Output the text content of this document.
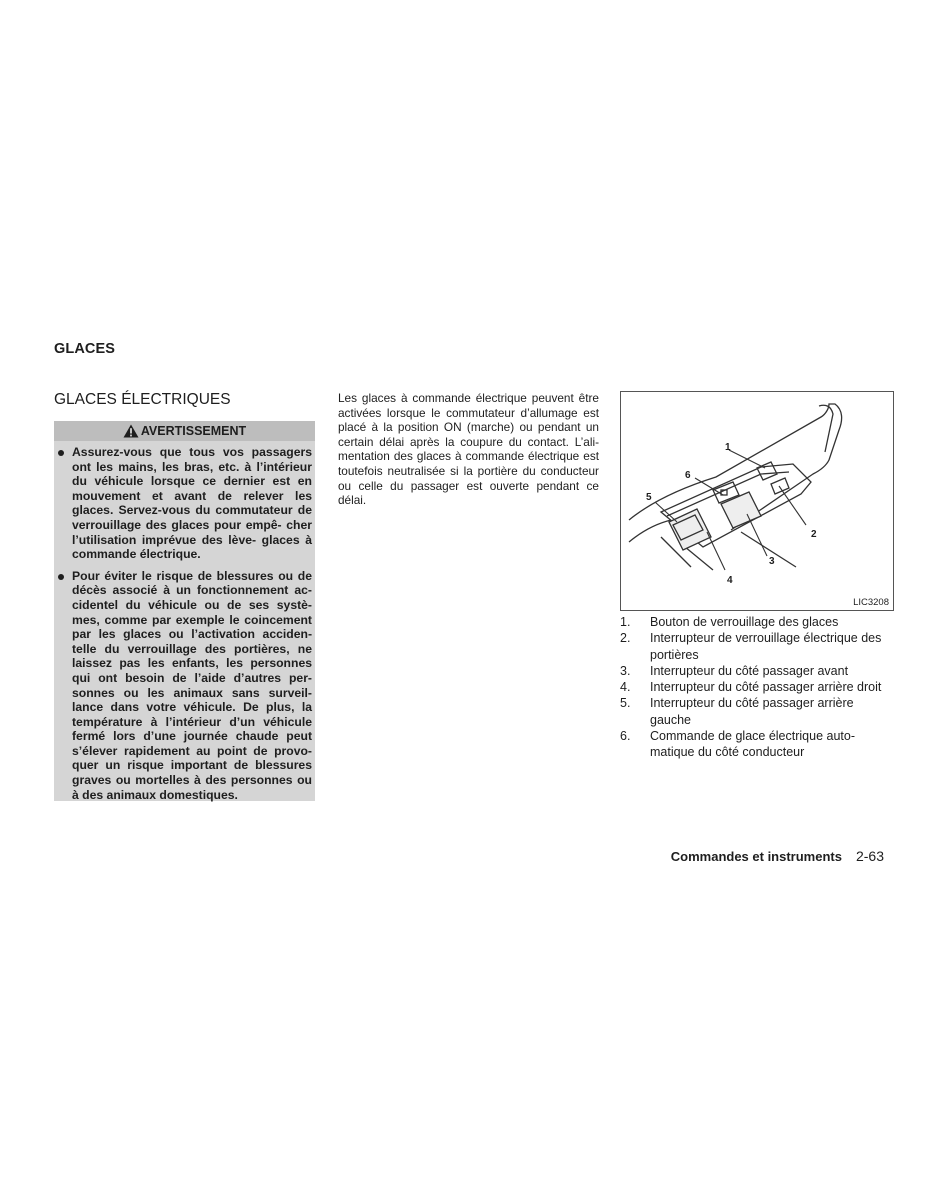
GLACES
GLACES ÉLECTRIQUES
AVERTISSEMENT
Assurez-vous que tous vos passagers ont les mains, les bras, etc. à l’intérieur du véhicule lorsque ce dernier est en mouvement et avant de relever les glaces. Servez-vous du commutateur de verrouillage des glaces pour empê- cher l’utilisation imprévue des lève- glaces à commande électrique.
Pour éviter le risque de blessures ou de décès associé à un fonctionnement ac- cidentel du véhicule ou de ses systè- mes, comme par exemple le coincement par les glaces ou l’activation acciden- telle du verrouillage des portières, ne laissez pas les enfants, les personnes qui ont besoin de l’aide d’autres per- sonnes ou les animaux sans surveil- lance dans votre véhicule. De plus, la température à l’intérieur d’un véhicule fermé lors d’une journée chaude peut s’élever rapidement au point de provo- quer un risque important de blessures graves ou mortelles à des personnes ou à des animaux domestiques.
Les glaces à commande électrique peuvent être activées lorsque le commutateur d’allumage est placé à la position ON (marche) ou pendant un certain délai après la coupure du contact. L’ali- mentation des glaces à commande électrique est toutefois neutralisée si la portière du conducteur ou celle du passager est ouverte pendant ce délai.
1
2
3
4
5
6
LIC3208
1. Bouton de verrouillage des glaces
2. Interrupteur de verrouillage électrique des portières
3. Interrupteur du côté passager avant
4. Interrupteur du côté passager arrière droit
5. Interrupteur du côté passager arrière gauche
6. Commande de glace électrique auto- matique du côté conducteur
Commandes et instruments 2-63
